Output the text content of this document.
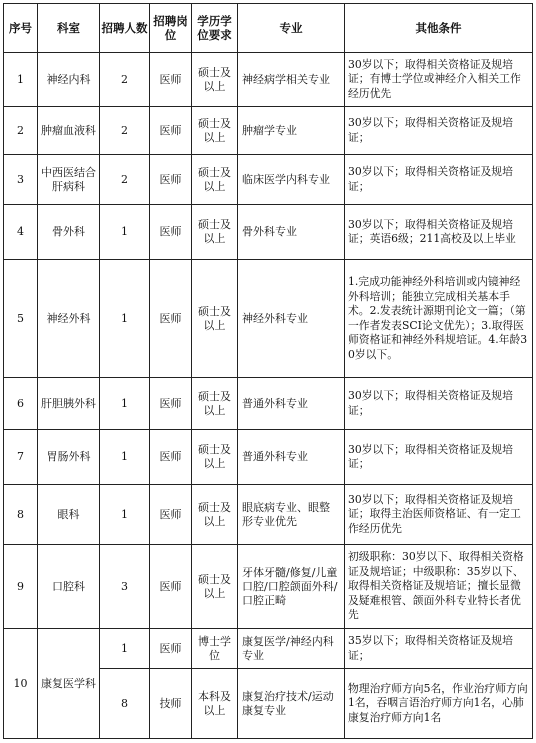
序号	科室	招聘人数	招聘岗位	学历学位要求	专业	其他条件
1	神经内科	2	医师	硕士及以上	神经病学相关专业	30岁以下；取得相关资格证及规培证；有博士学位或神经介入相关工作经历优先
2	肿瘤血液科	2	医师	硕士及以上	肿瘤学专业	30岁以下；取得相关资格证及规培证；
3	中西医结合肝病科	2	医师	硕士及以上	临床医学内科专业	30岁以下；取得相关资格证及规培证；
4	骨外科	1	医师	硕士及以上	骨外科专业	30岁以下；取得相关资格证及规培证；英语6级；211高校及以上毕业
5	神经外科	1	医师	硕士及以上	神经外科专业	1.完成功能神经外科培训或内镜神经外科培训；能独立完成相关基本手术。2.发表统计源期刊论文一篇；（第一作者发表SCI论文优先）；3.取得医师资格证和神经外科规培证。4.年龄30岁以下。
6	肝胆胰外科	1	医师	硕士及以上	普通外科专业	30岁以下；取得相关资格证及规培证；
7	胃肠外科	1	医师	硕士及以上	普通外科专业	30岁以下；取得相关资格证及规培证；
8	眼科	1	医师	硕士及以上	眼底病专业、眼整形专业优先	30岁以下；取得相关资格证及规培证；取得主治医师资格证、有一定工作经历优先
9	口腔科	3	医师	硕士及以上	牙体牙髓/修复/儿童口腔/口腔颌面外科/口腔正畸	初级职称：30岁以下、取得相关资格证及规培证；中级职称：35岁以下、取得相关资格证及规培证；擅长显微及疑难根管、颌面外科专业特长者优先
10	康复医学科	1	医师	博士学位	康复医学/神经内科专业	35岁以下；取得相关资格证及规培证；
		8	技师	本科及以上	康复治疗技术/运动康复专业	物理治疗师方向5名，作业治疗师方向1名，吞咽言语治疗师方向1名，心肺康复治疗师方向1名
